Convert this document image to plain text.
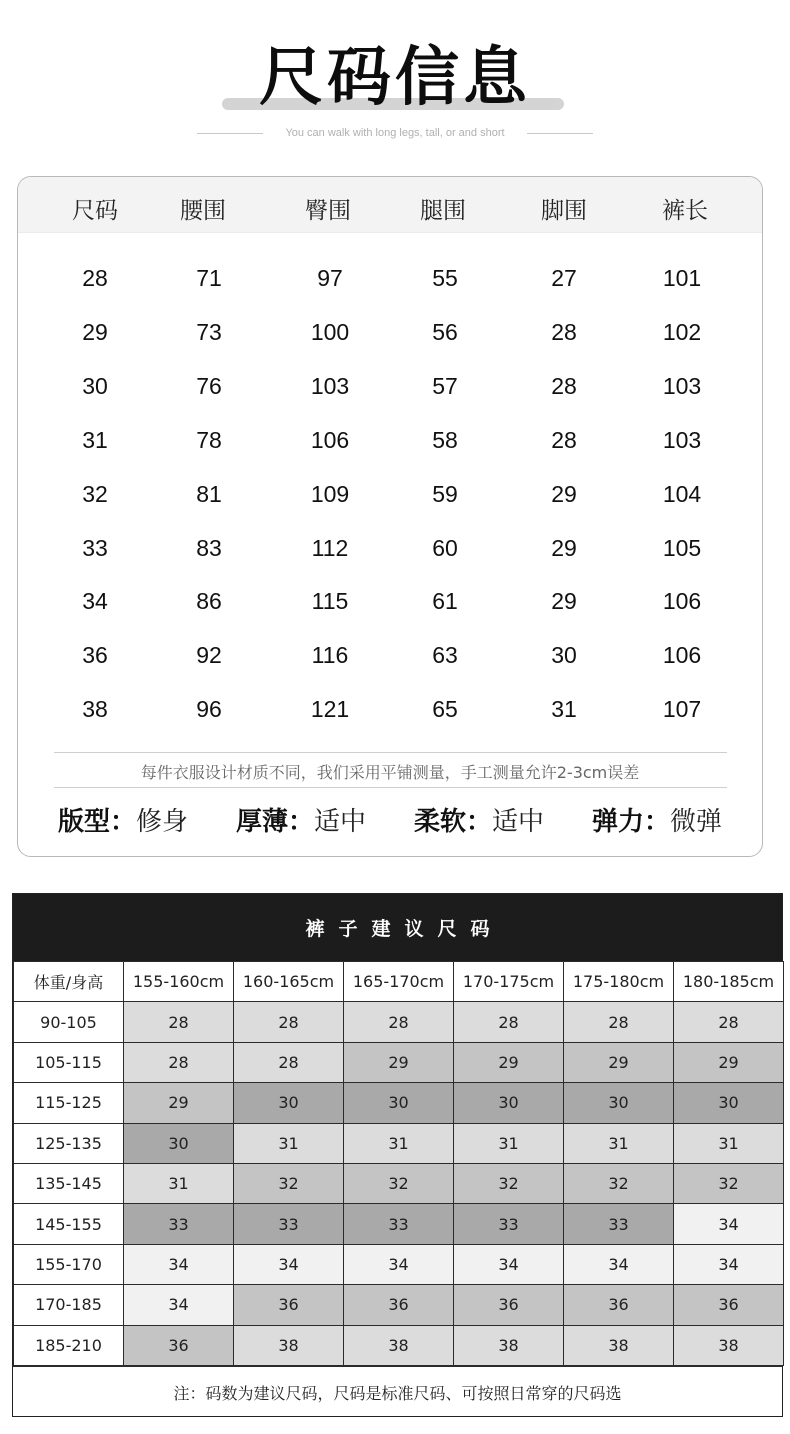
尺码信息
You can walk with long legs, tall, or and short
尺码	腰围	臀围	腿围	脚围	裤长
28	71	97	55	27	101
29	73	100	56	28	102
30	76	103	57	28	103
31	78	106	58	28	103
32	81	109	59	29	104
33	83	112	60	29	105
34	86	115	61	29	106
36	92	116	63	30	106
38	96	121	65	31	107
每件衣服设计材质不同，我们采用平铺测量，手工测量允许2-3cm误差
版型：修身 厚薄：适中 柔软：适中 弹力：微弹
裤子建议尺码
体重/身高	155-160cm	160-165cm	165-170cm	170-175cm	175-180cm	180-185cm
90-105	28	28	28	28	28	28
105-115	28	28	29	29	29	29
115-125	29	30	30	30	30	30
125-135	30	31	31	31	31	31
135-145	31	32	32	32	32	32
145-155	33	33	33	33	33	34
155-170	34	34	34	34	34	34
170-185	34	36	36	36	36	36
185-210	36	38	38	38	38	38
注：码数为建议尺码，尺码是标准尺码、可按照日常穿的尺码选
